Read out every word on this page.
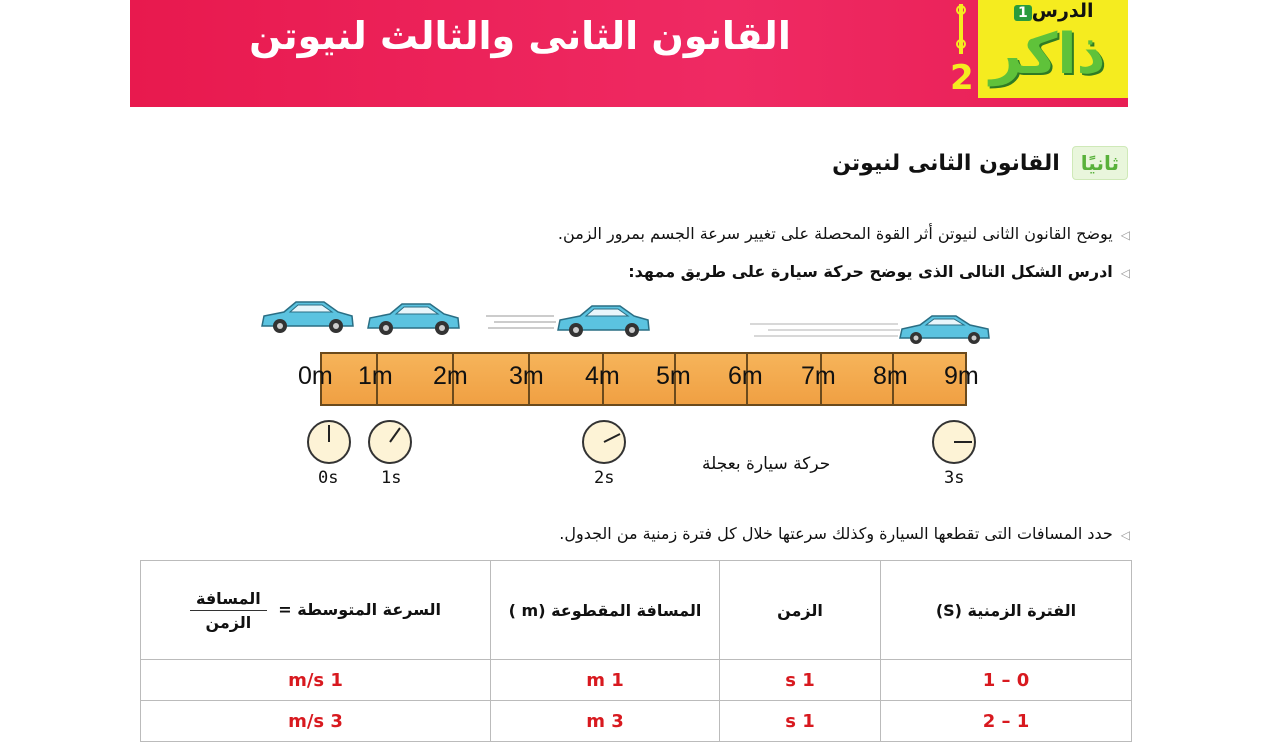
القانون الثانى والثالث لنيوتن
الدرس1
ذاكر
2
ثانيًا
القانون الثانى لنيوتن
◁يوضح القانون الثانى لنيوتن أثر القوة المحصلة على تغيير سرعة الجسم بمرور الزمن.
◁ادرس الشكل التالى الذى يوضح حركة سيارة على طريق ممهد:
0m 1m 2m 3m 4m 5m 6m 7m 8m 9m
0s	1s	2s	3s
حركة سيارة بعجلة
◁حدد المسافات التى تقطعها السيارة وكذلك سرعتها خلال كل فترة زمنية من الجدول.
الفترة الزمنية (S)	الزمن	المسافة المقطوعة (m )	السرعة المتوسطة =
$\frac{\text{المسافة}}{\text{الزمن}}$

0 – 1	1 s	1 m	1 m/s
1 – 2	1 s	3 m	3 m/s
